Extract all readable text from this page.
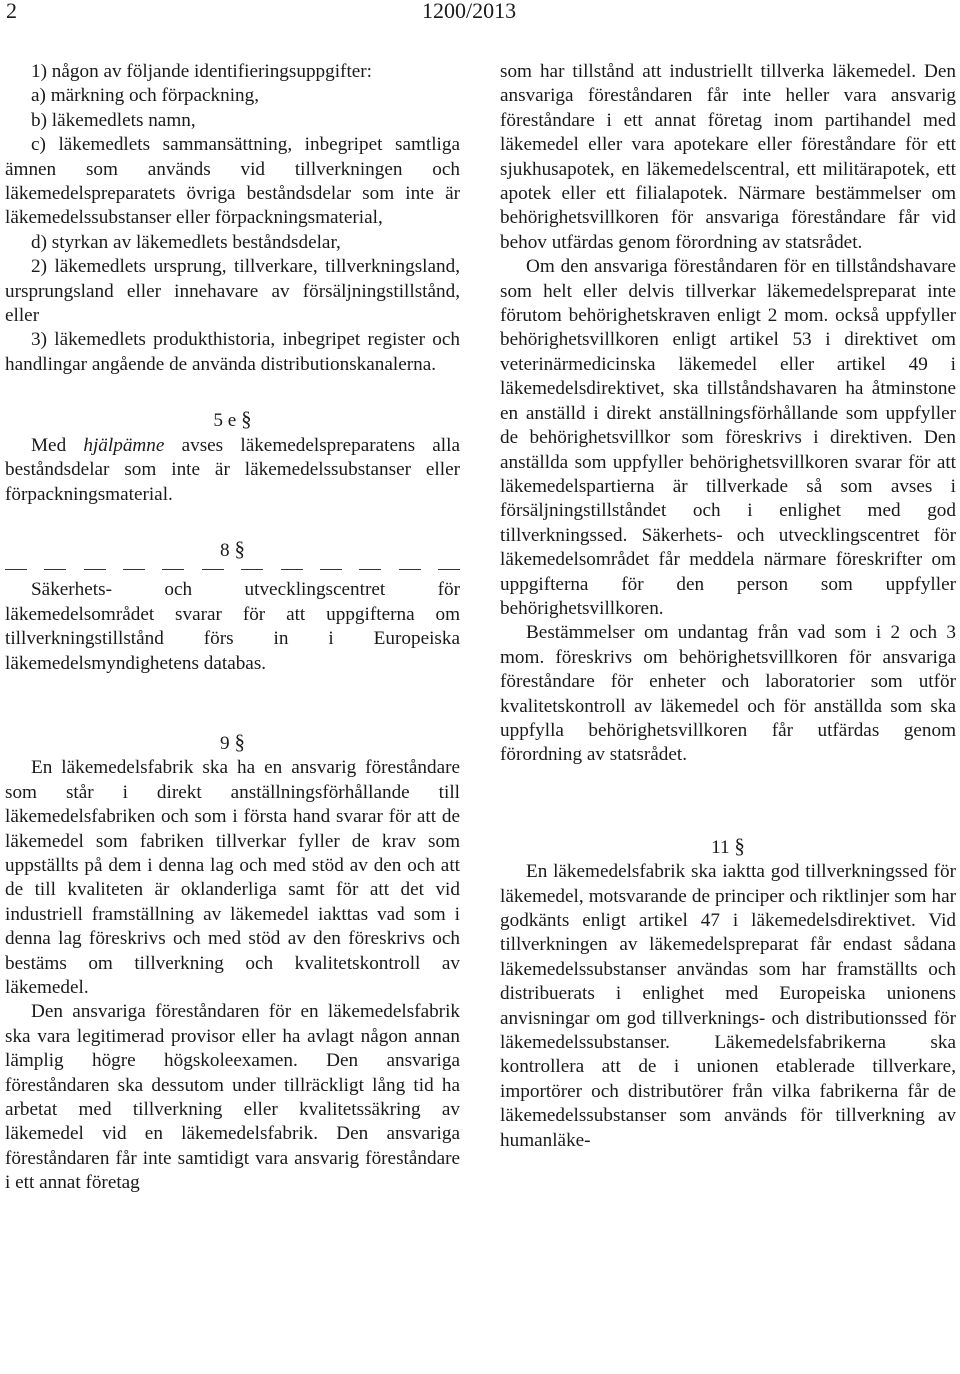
2	1200/2013

1) någon av följande identifieringsuppgifter:

a) märkning och förpackning,

b) läkemedlets namn,

c) läkemedlets sammansättning, inbegripet samtliga ämnen som används vid tillverkningen och läkemedelspreparatets övriga beståndsdelar som inte är läkemedelssubstanser eller förpackningsmaterial,

d) styrkan av läkemedlets beståndsdelar,

2) läkemedlets ursprung, tillverkare, tillverkningsland, ursprungsland eller innehavare av försäljningstillstånd, eller

3) läkemedlets produkthistoria, inbegripet register och handlingar angående de använda distributionskanalerna.

5 e §

Med hjälpämne avses läkemedelspreparatens alla beståndsdelar som inte är läkemedelssubstanser eller förpackningsmaterial.

8 §

Säkerhets- och utvecklingscentret för läkemedelsområdet svarar för att uppgifterna om tillverkningstillstånd förs in i Europeiska läkemedelsmyndighetens databas.

9 §

En läkemedelsfabrik ska ha en ansvarig föreståndare som står i direkt anställningsförhållande till läkemedelsfabriken och som i första hand svarar för att de läkemedel som fabriken tillverkar fyller de krav som uppställts på dem i denna lag och med stöd av den och att de till kvaliteten är oklanderliga samt för att det vid industriell framställning av läkemedel iakttas vad som i denna lag föreskrivs och med stöd av den föreskrivs och bestäms om tillverkning och kvalitetskontroll av läkemedel.

Den ansvariga föreståndaren för en läkemedelsfabrik ska vara legitimerad provisor eller ha avlagt någon annan lämplig högre högskoleexamen. Den ansvariga föreståndaren ska dessutom under tillräckligt lång tid ha arbetat med tillverkning eller kvalitetssäkring av läkemedel vid en läkemedelsfabrik. Den ansvariga föreståndaren får inte samtidigt vara ansvarig föreståndare i ett annat företag

som har tillstånd att industriellt tillverka läkemedel. Den ansvariga föreståndaren får inte heller vara ansvarig föreståndare i ett annat företag inom partihandel med läkemedel eller vara apotekare eller föreståndare för ett sjukhusapotek, en läkemedelscentral, ett militärapotek, ett apotek eller ett filialapotek. Närmare bestämmelser om behörighetsvillkoren för ansvariga föreståndare får vid behov utfärdas genom förordning av statsrådet.

Om den ansvariga föreståndaren för en tillståndshavare som helt eller delvis tillverkar läkemedelspreparat inte förutom behörighetskraven enligt 2 mom. också uppfyller behörighetsvillkoren enligt artikel 53 i direktivet om veterinärmedicinska läkemedel eller artikel 49 i läkemedelsdirektivet, ska tillståndshavaren ha åtminstone en anställd i direkt anställningsförhållande som uppfyller de behörighetsvillkor som föreskrivs i direktiven. Den anställda som uppfyller behörighetsvillkoren svarar för att läkemedelspartierna är tillverkade så som avses i försäljningstillståndet och i enlighet med god tillverkningssed. Säkerhets- och utvecklingscentret för läkemedelsområdet får meddela närmare föreskrifter om uppgifterna för den person som uppfyller behörighetsvillkoren.

Bestämmelser om undantag från vad som i 2 och 3 mom. föreskrivs om behörighetsvillkoren för ansvariga föreståndare för enheter och laboratorier som utför kvalitetskontroll av läkemedel och för anställda som ska uppfylla behörighetsvillkoren får utfärdas genom förordning av statsrådet.

11 §

En läkemedelsfabrik ska iaktta god tillverkningssed för läkemedel, motsvarande de principer och riktlinjer som har godkänts enligt artikel 47 i läkemedelsdirektivet. Vid tillverkningen av läkemedelspreparat får endast sådana läkemedelssubstanser användas som har framställts och distribuerats i enlighet med Europeiska unionens anvisningar om god tillverknings- och distributionssed för läkemedelssubstanser. Läkemedelsfabrikerna ska kontrollera att de i unionen etablerade tillverkare, importörer och distributörer från vilka fabrikerna får de läkemedelssubstanser som används för tillverkning av humanläke-
